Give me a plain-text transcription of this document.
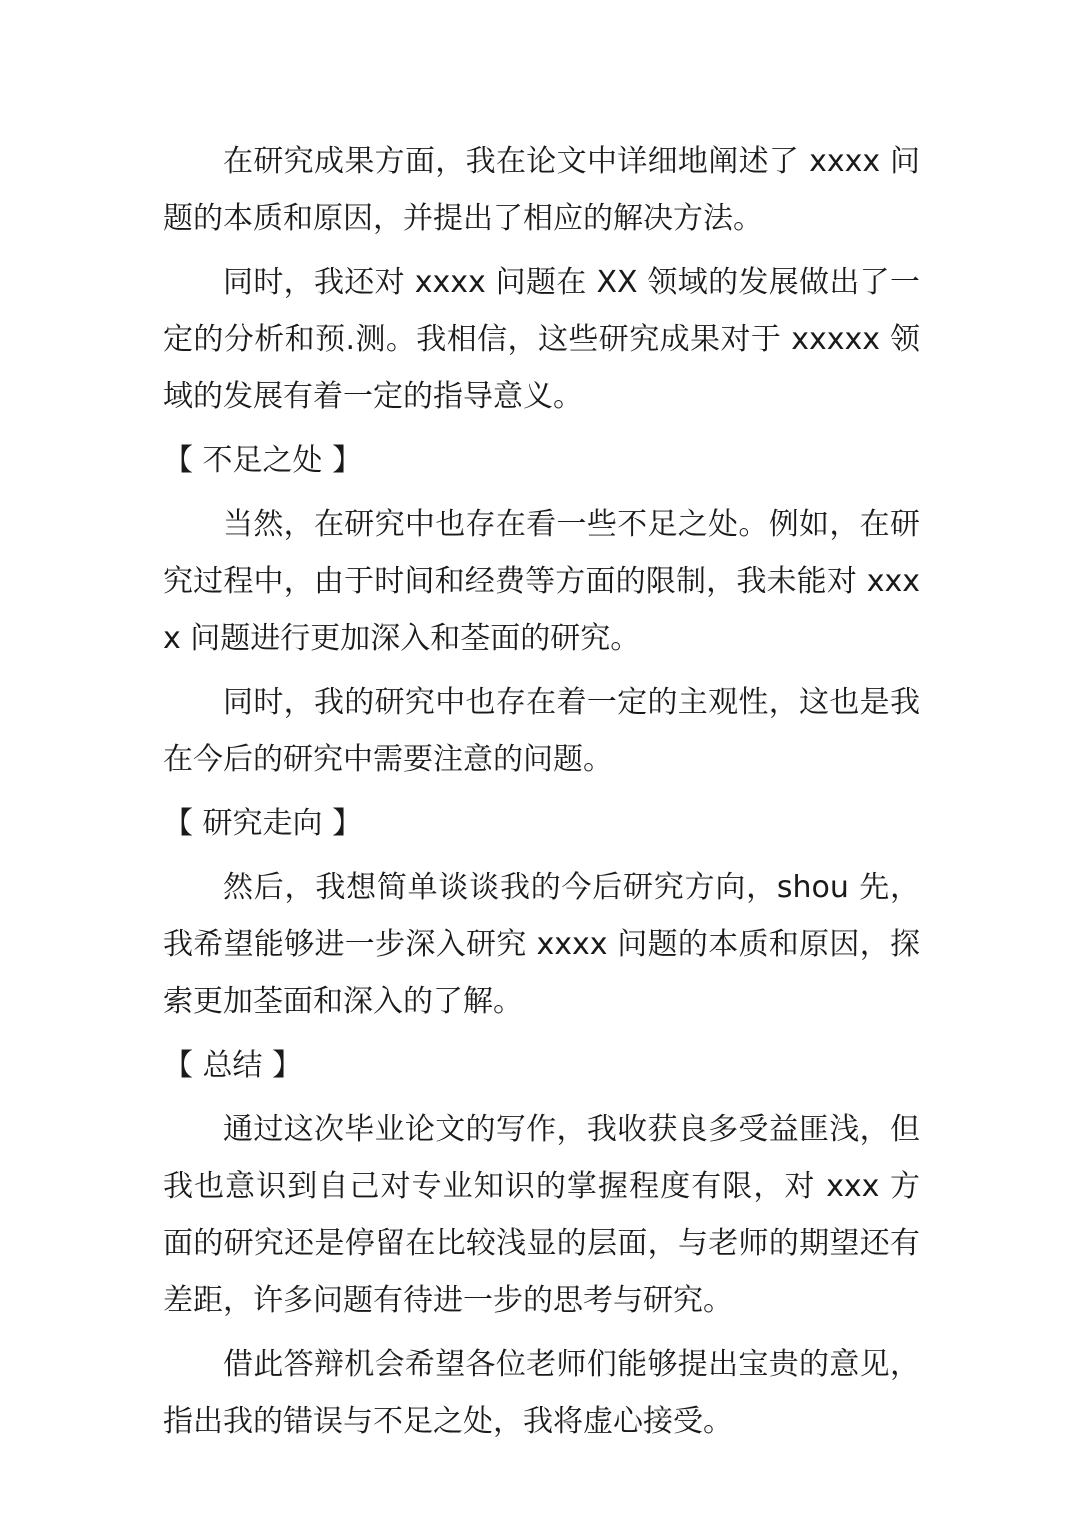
在研究成果方面，我在论文中详细地阐述了 xxxx 问题的本质和原因，并提出了相应的解决方法。

同时，我还对 xxxx 问题在 XX 领域的发展做出了一定的分析和预.测。我相信，这些研究成果对于 xxxxx 领域的发展有着一定的指导意义。

【 不足之处 】

当然，在研究中也存在看一些不足之处。例如，在研究过程中，由于时间和经费等方面的限制，我未能对 xxxx 问题进行更加深入和荃面的研究。

同时，我的研究中也存在着一定的主观性，这也是我在今后的研究中需要注意的问题。

【 研究走向 】

然后，我想简单谈谈我的今后研究方向，shou 先，我希望能够进一步深入研究 xxxx 问题的本质和原因，探索更加荃面和深入的了解。

【 总结 】

通过这次毕业论文的写作，我收获良多受益匪浅，但我也意识到自己对专业知识的掌握程度有限，对 xxx 方面的研究还是停留在比较浅显的层面，与老师的期望还有差距，许多问题有待进一步的思考与研究。

借此答辩机会希望各位老师们能够提出宝贵的意见，指出我的错误与不足之处，我将虚心接受。
